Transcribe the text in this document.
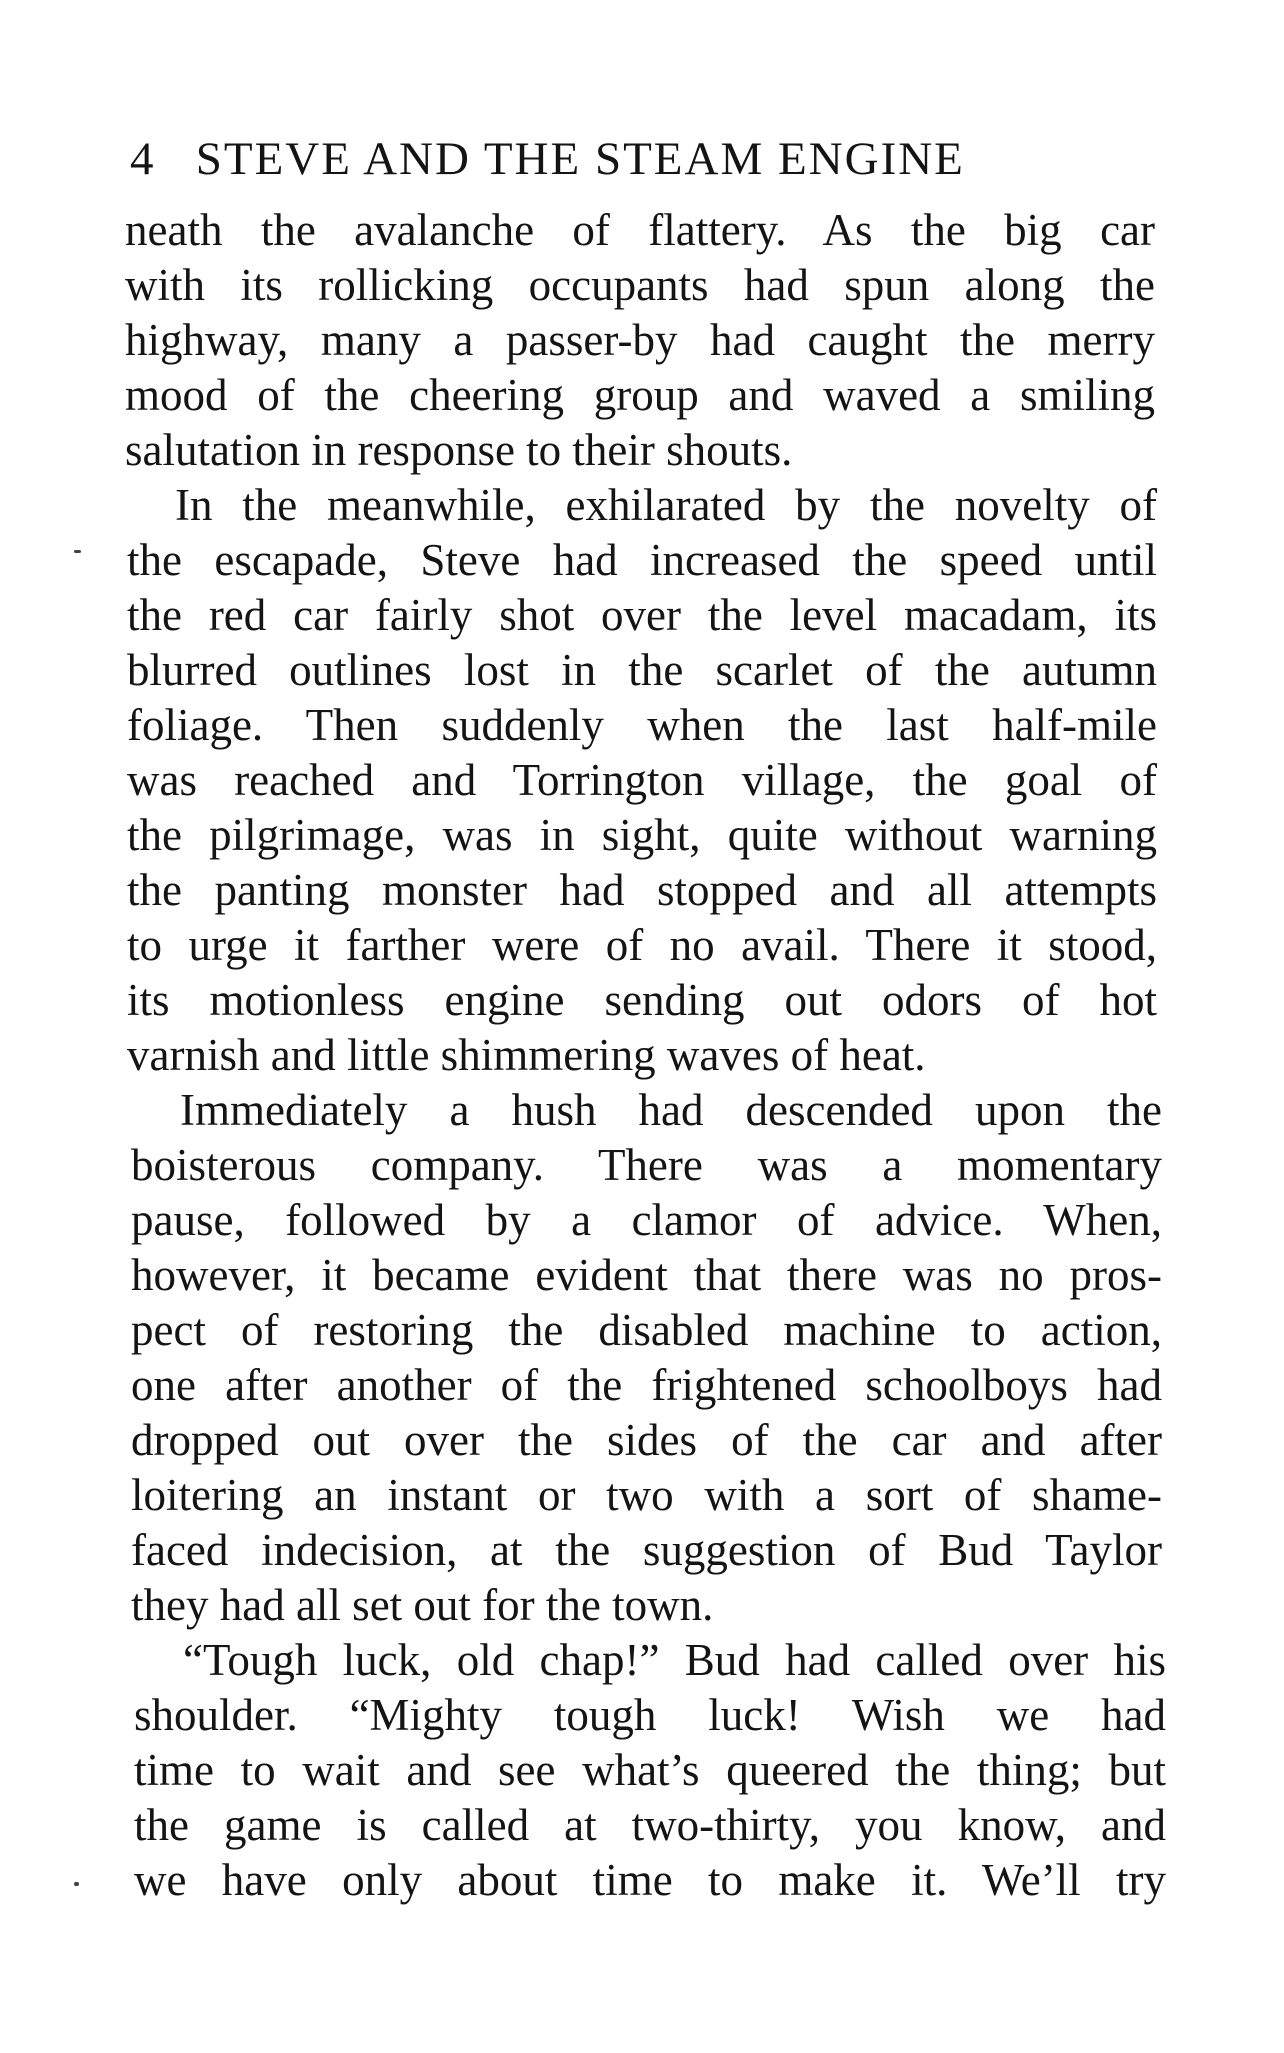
4 STEVE AND THE STEAM ENGINE
neath the avalanche of flattery. As the big car
with its rollicking occupants had spun along the
highway, many a passer-by had caught the merry
mood of the cheering group and waved a smiling
salutation in response to their shouts.
In the meanwhile, exhilarated by the novelty of
the escapade, Steve had increased the speed until
the red car fairly shot over the level macadam, its
blurred outlines lost in the scarlet of the autumn
foliage. Then suddenly when the last half-mile
was reached and Torrington village, the goal of
the pilgrimage, was in sight, quite without warning
the panting monster had stopped and all attempts
to urge it farther were of no avail. There it stood,
its motionless engine sending out odors of hot
varnish and little shimmering waves of heat.
Immediately a hush had descended upon the
boisterous company. There was a momentary
pause, followed by a clamor of advice. When,
however, it became evident that there was no pros-
pect of restoring the disabled machine to action,
one after another of the frightened schoolboys had
dropped out over the sides of the car and after
loitering an instant or two with a sort of shame-
faced indecision, at the suggestion of Bud Taylor
they had all set out for the town.
“Tough luck, old chap!” Bud had called over his
shoulder. “Mighty tough luck! Wish we had
time to wait and see what’s queered the thing; but
the game is called at two-thirty, you know, and
we have only about time to make it. We’ll try
